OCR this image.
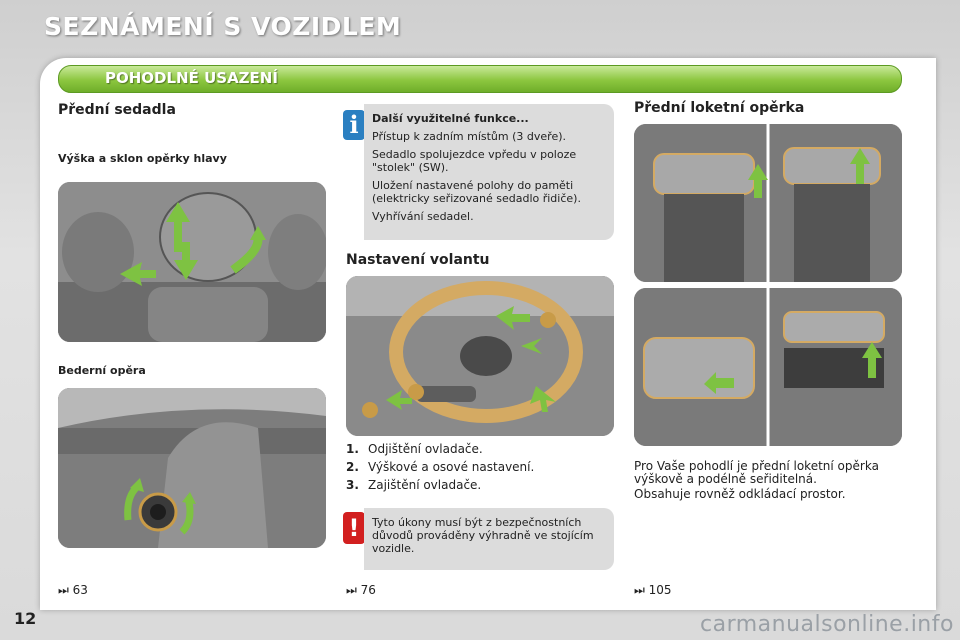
SEZNÁMENÍ S VOZIDLEM
POHODLNÉ USAZENÍ
Přední sedadla
Výška a sklon opěrky hlavy
Bederní opěra
⏭ 63
i	Další využitelné funkce...

Přístup k zadním místům (3 dveře).

Sedadlo spolujezdce vpředu v poloze "stolek" (SW).

Uložení nastavené polohy do paměti (elektricky seřizované sedadlo řidiče).

Vyhřívání sedadel.

Nastavení volantu
1. Odjištění ovladače.
2. Výškové a osové nastavení.
3. Zajištění ovladače.
!	Tyto úkony musí být z bezpečnostních důvodů prováděny výhradně ve stojícím vozidle.
⏭ 76
Přední loketní opěrka
Pro Vaše pohodlí je přední loketní opěrka výškově a podélně seřiditelná.
Obsahuje rovněž odkládací prostor.
⏭ 105
12	carmanualsonline.info
